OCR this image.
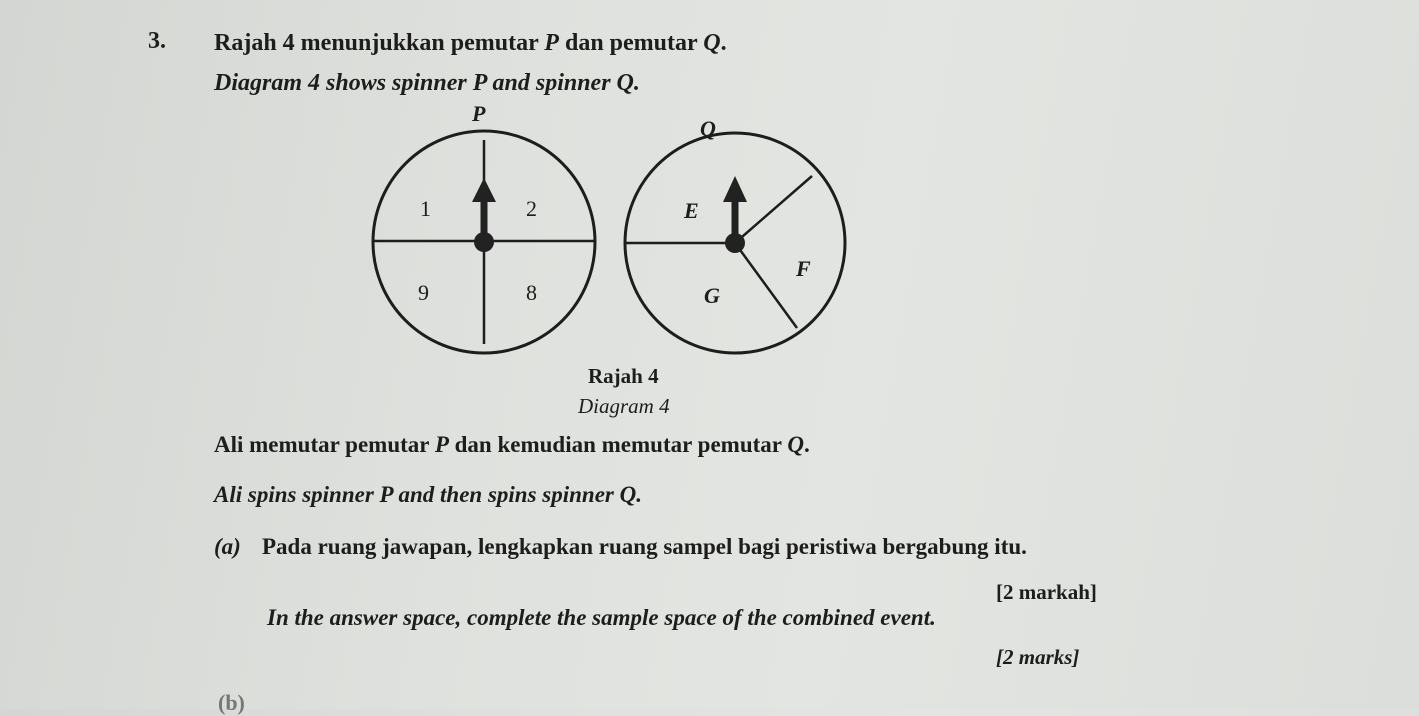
3. Rajah 4 menunjukkan pemutar P dan pemutar Q.
Diagram 4 shows spinner P and spinner Q.
1	2
9	8
E
F
G
P
Q
Rajah 4
Diagram 4
Ali memutar pemutar P dan kemudian memutar pemutar Q.
Ali spins spinner P and then spins spinner Q.
(a) Pada ruang jawapan, lengkapkan ruang sampel bagi peristiwa bergabung itu.
[2 markah]
In the answer space, complete the sample space of the combined event.
[2 marks]
(b)
